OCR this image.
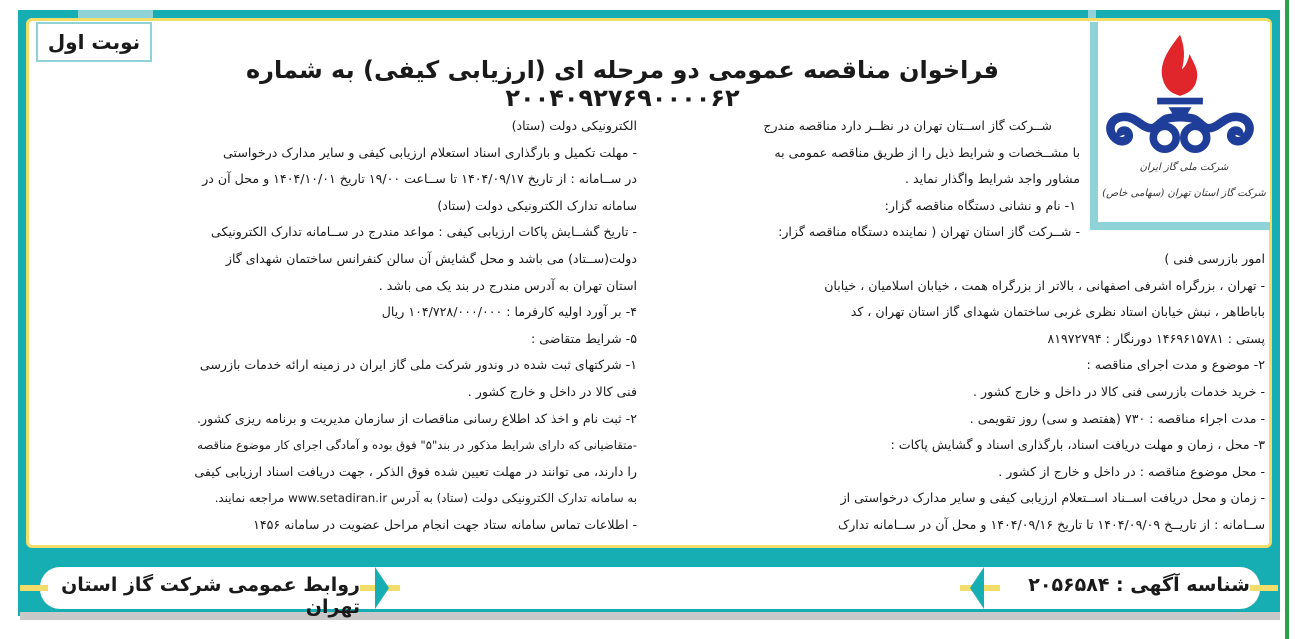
شرکت ملی گاز ایران
شرکت گاز استان تهران (سهامی خاص)
نوبت اول
فراخوان مناقصه عمومی دو مرحله ای (ارزیابی کیفی) به شماره ۲۰۰۴۰۹۲۷۶۹۰۰۰۰۶۲
شــرکت گاز اســتان تهران در نظــر دارد مناقصه مندرج
با مشــخصات و شرایط ذیل را از طریق مناقصه عمومی به
مشاور واجد شرایط واگذار نماید .
۱- نام و نشانی دستگاه مناقصه گزار:
- شــرکت گاز استان تهران ( نماینده دستگاه مناقصه گزار:
امور بازرسی فنی )
- تهران ، بزرگراه اشرفی اصفهانی ، بالاتر از بزرگراه همت ، خیابان اسلامیان ، خیابان
باباطاهر ، نبش خیابان استاد نظری غربی ساختمان شهدای گاز استان تهران ، کد
پستی : ۱۴۶۹۶۱۵۷۸۱ دورنگار : ۸۱۹۷۲۷۹۴
۲- موضوع و مدت اجرای مناقصه :
- خرید خدمات بازرسی فنی کالا در داخل و خارج کشور .
- مدت اجراء مناقصه : ۷۳۰ (هفتصد و سی) روز تقویمی .
۳- محل ، زمان و مهلت دریافت اسناد، بارگذاری اسناد و گشایش پاکات :
- محل موضوع مناقصه : در داخل و خارج از کشور .
- زمان و محل دریافت اســناد اســتعلام ارزیابی کیفی و سایر مدارک درخواستی از
ســامانه : از تاریــخ ۱۴۰۴/۰۹/۰۹ تا تاریخ ۱۴۰۴/۰۹/۱۶ و محل آن در ســامانه تدارک
الکترونیکی دولت (ستاد)
- مهلت تکمیل و بارگذاری اسناد استعلام ارزیابی کیفی و سایر مدارک درخواستی
در ســامانه : از تاریخ ۱۴۰۴/۰۹/۱۷ تا ســاعت ۱۹/۰۰ تاریخ ۱۴۰۴/۱۰/۰۱ و محل آن در
سامانه تدارک الکترونیکی دولت (ستاد)
- تاریخ گشــایش پاکات ارزیابی کیفی : مواعد مندرج در ســامانه تدارک الکترونیکی
دولت(ســتاد) می باشد و محل گشایش آن سالن کنفرانس ساختمان شهدای گاز
استان تهران به آدرس مندرج در بند یک می باشد .
۴- بر آورد اولیه کارفرما : ۱۰۴/۷۲۸/۰۰۰/۰۰۰ ریال
۵- شرایط متقاضی :
۱- شرکتهای ثبت شده در وندور شرکت ملی گاز ایران در زمینه ارائه خدمات بازرسی
فنی کالا در داخل و خارج کشور .
۲- ثبت نام و اخذ کد اطلاع رسانی مناقصات از سازمان مدیریت و برنامه ریزی کشور.
-متقاضیانی که دارای شرایط مذکور در بند"۵" فوق بوده و آمادگی اجرای کار موضوع مناقصه
را دارند، می توانند در مهلت تعیین شده فوق الذکر ، جهت دریافت اسناد ارزیابی کیفی
به سامانه تدارک الکترونیکی دولت (ستاد) به آدرس www.setadiran.ir مراجعه نمایند.
- اطلاعات تماس سامانه ستاد جهت انجام مراحل عضویت در سامانه ۱۴۵۶
شناسه آگهی : ۲۰۵۶۵۸۴
روابط عمومی شرکت گاز استان تهران
